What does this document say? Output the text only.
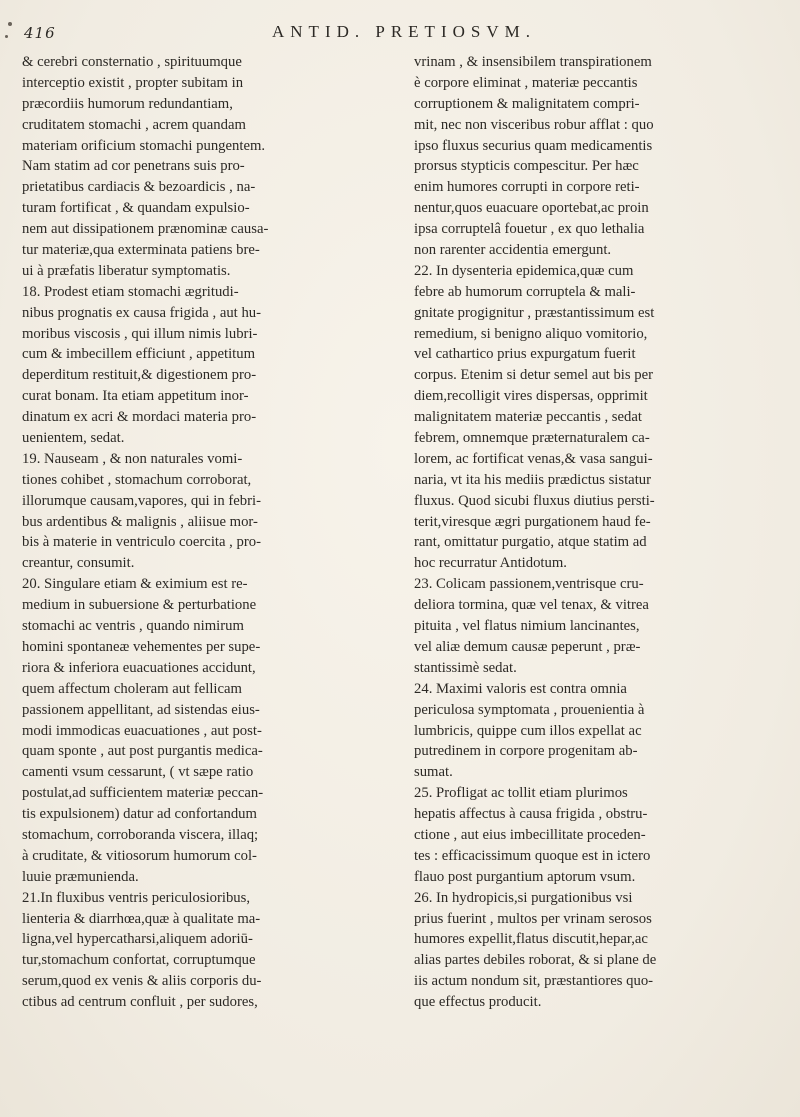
416	ANTID. PRETIOSVM.
& cerebri consternatio , spirituumque
interceptio existit , propter subitam in
præcordiis humorum redundantiam,
cruditatem stomachi , acrem quandam
materiam orificium stomachi pungentem.
Nam statim ad cor penetrans suis pro-
prietatibus cardiacis & bezoardicis , na-
turam fortificat , & quandam expulsio-
nem aut dissipationem prænominæ causa-
tur materiæ,qua exterminata patiens bre-
ui à præfatis liberatur symptomatis.
18. Prodest etiam stomachi ægritudi-
nibus prognatis ex causa frigida , aut hu-
moribus viscosis , qui illum nimis lubri-
cum & imbecillem efficiunt , appetitum
deperditum restituit,& digestionem pro-
curat bonam. Ita etiam appetitum inor-
dinatum ex acri & mordaci materia pro-
uenientem, sedat.
19. Nauseam , & non naturales vomi-
tiones cohibet , stomachum corroborat,
illorumque causam,vapores, qui in febri-
bus ardentibus & malignis , aliisue mor-
bis à materie in ventriculo coercita , pro-
creantur, consumit.
20. Singulare etiam & eximium est re-
medium in subuersione & perturbatione
stomachi ac ventris , quando nimirum
homini spontaneæ vehementes per supe-
riora & inferiora euacuationes accidunt,
quem affectum choleram aut fellicam
passionem appellitant, ad sistendas eius-
modi immodicas euacuationes , aut post-
quam sponte , aut post purgantis medica-
camenti vsum cessarunt, ( vt sæpe ratio
postulat,ad sufficientem materiæ peccan-
tis expulsionem) datur ad confortandum
stomachum, corroboranda viscera, illaq;
à cruditate, & vitiosorum humorum col-
luuie præmunienda.
21.In fluxibus ventris periculosioribus,
lienteria & diarrhœa,quæ à qualitate ma-
ligna,vel hypercatharsi,aliquem adoriū-
tur,stomachum confortat, corruptumque
serum,quod ex venis & aliis corporis du-
ctibus ad centrum confluit , per sudores,
vrinam , & insensibilem transpirationem
è corpore eliminat , materiæ peccantis
corruptionem & malignitatem compri-
mit, nec non visceribus robur afflat : quo
ipso fluxus securius quam medicamentis
prorsus stypticis compescitur. Per hæc
enim humores corrupti in corpore reti-
nentur,quos euacuare oportebat,ac proin
ipsa corruptelâ fouetur , ex quo lethalia
non rarenter accidentia emergunt.
22. In dysenteria epidemica,quæ cum
febre ab humorum corruptela & mali-
gnitate progignitur , præstantissimum est
remedium, si benigno aliquo vomitorio,
vel cathartico prius expurgatum fuerit
corpus. Etenim si detur semel aut bis per
diem,recolligit vires dispersas, opprimit
malignitatem materiæ peccantis , sedat
febrem, omnemque præternaturalem ca-
lorem, ac fortificat venas,& vasa sangui-
naria, vt ita his mediis prædictus sistatur
fluxus. Quod sicubi fluxus diutius persti-
terit,viresque ægri purgationem haud fe-
rant, omittatur purgatio, atque statim ad
hoc recurratur Antidotum.
23. Colicam passionem,ventrisque cru-
deliora tormina, quæ vel tenax, & vitrea
pituita , vel flatus nimium lancinantes,
vel aliæ demum causæ peperunt , præ-
stantissimè sedat.
24. Maximi valoris est contra omnia
periculosa symptomata , prouenientia à
lumbricis, quippe cum illos expellat ac
putredinem in corpore progenitam ab-
sumat.
25. Profligat ac tollit etiam plurimos
hepatis affectus à causa frigida , obstru-
ctione , aut eius imbecillitate proceden-
tes : efficacissimum quoque est in ictero
flauo post purgantium aptorum vsum.
26. In hydropicis,si purgationibus vsi
prius fuerint , multos per vrinam serosos
humores expellit,flatus discutit,hepar,ac
alias partes debiles roborat, & si plane de
iis actum nondum sit, præstantiores quo-
que effectus producit.
